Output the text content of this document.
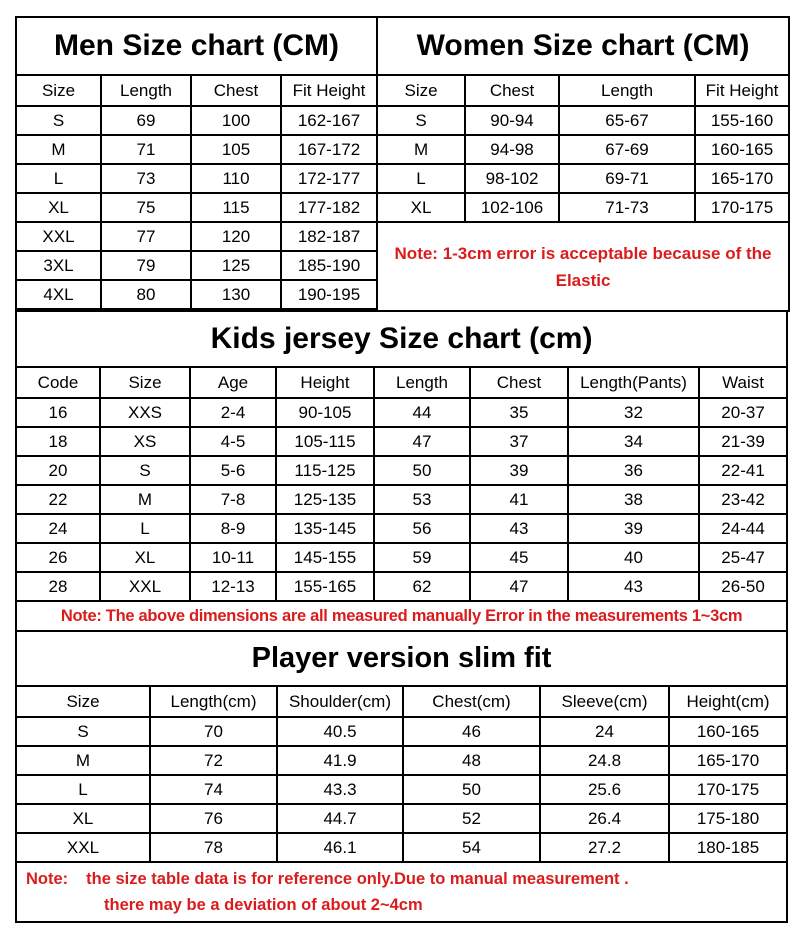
Men Size chart (CM)			
Size	Length	Chest	Fit Height
S	69	100	162-167
M	71	105	167-172
L	73	110	172-177
XL	75	115	177-182
XXL	77	120	182-187
3XL	79	125	185-190
4XL	80	130	190-195
Women Size chart (CM)			
Size	Chest	Length	Fit Height
S	90-94	65-67	155-160
M	94-98	67-69	160-165
L	98-102	69-71	165-170
XL	102-106	71-73	170-175

Note: 1-3cm error is acceptable because of the
Elastic			
Kids jersey Size chart (cm)							
Code	Size	Age	Height	Length	Chest	Length(Pants)	Waist
16	XXS	2-4	90-105	44	35	32	20-37
18	XS	4-5	105-115	47	37	34	21-39
20	S	5-6	115-125	50	39	36	22-41
22	M	7-8	125-135	53	41	38	23-42
24	L	8-9	135-145	56	43	39	24-44
26	XL	10-11	145-155	59	45	40	25-47
28	XXL	12-13	155-165	62	47	43	26-50
Note: The above dimensions are all measured manually Error in the measurements 1~3cm							
Player version slim fit					
Size	Length(cm)	Shoulder(cm)	Chest(cm)	Sleeve(cm)	Height(cm)
S	70	40.5	46	24	160-165
M	72	41.9	48	24.8	165-170
L	74	43.3	50	25.6	170-175
XL	76	44.7	52	26.4	175-180
XXL	78	46.1	54	27.2	180-185

Note: the size table data is for reference only.Due to manual measurement .
there may be a deviation of about 2~4cm					
